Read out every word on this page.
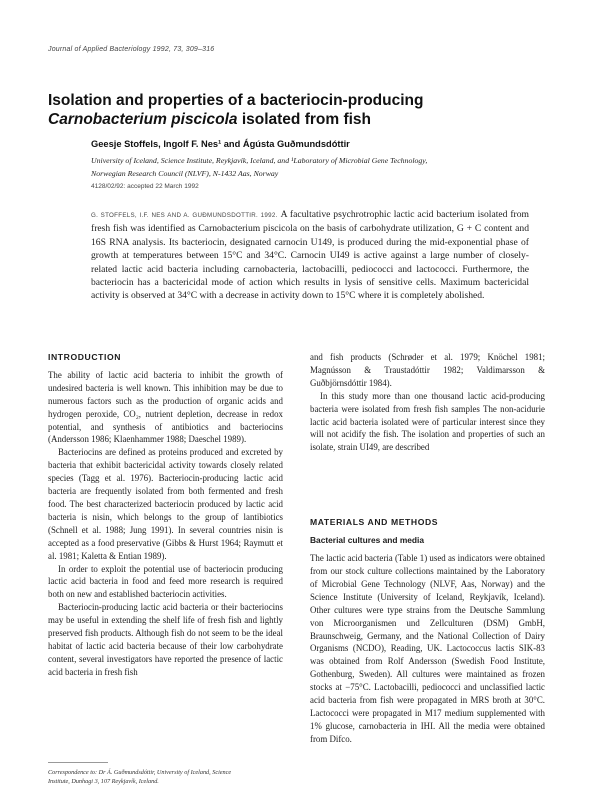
Journal of Applied Bacteriology 1992, 73, 309–316
Isolation and properties of a bacteriocin-producing
Carnobacterium piscicola isolated from fish
Geesje Stoffels, Ingolf F. Nes¹ and Ágústa Guðmundsdóttir
University of Iceland, Science Institute, Reykjavík, Iceland, and ¹Laboratory of Microbial Gene Technology,
Norwegian Research Council (NLVF), N-1432 Aas, Norway
4128/02/92: accepted 22 March 1992
G. STOFFELS, I.F. NES AND A. GUÐMUNDSDOTTIR. 1992. A facultative psychrotrophic lactic acid bacterium isolated from fresh fish was identified as Carnobacterium piscicola on the basis of carbohydrate utilization, G + C content and 16S RNA analysis. Its bacteriocin, designated carnocin U149, is produced during the mid-exponential phase of growth at temperatures between 15°C and 34°C. Carnocin UI49 is active against a large number of closely-related lactic acid bacteria including carnobacteria, lactobacilli, pediococci and lactococci. Furthermore, the bacteriocin has a bactericidal mode of action which results in lysis of sensitive cells. Maximum bactericidal activity is observed at 34°C with a decrease in activity down to 15°C where it is completely abolished.
INTRODUCTION

The ability of lactic acid bacteria to inhibit the growth of undesired bacteria is well known. This inhibition may be due to numerous factors such as the production of organic acids and hydrogen peroxide, CO₂, nutrient depletion, decrease in redox potential, and synthesis of antibiotics and bacteriocins (Andersson 1986; Klaenhammer 1988; Daeschel 1989).

Bacteriocins are defined as proteins produced and excreted by bacteria that exhibit bactericidal activity towards closely related species (Tagg et al. 1976). Bacteriocin-producing lactic acid bacteria are frequently isolated from both fermented and fresh food. The best characterized bacteriocin produced by lactic acid bacteria is nisin, which belongs to the group of lantibiotics (Schnell et al. 1988; Jung 1991). In several countries nisin is accepted as a food preservative (Gibbs & Hurst 1964; Raymutt et al. 1981; Kaletta & Entian 1989).

In order to exploit the potential use of bacteriocin producing lactic acid bacteria in food and feed more research is required both on new and established bacteriocin activities.

Bacteriocin-producing lactic acid bacteria or their bacteriocins may be useful in extending the shelf life of fresh fish and lightly preserved fish products. Although fish do not seem to be the ideal habitat of lactic acid bacteria because of their low carbohydrate content, several investigators have reported the presence of lactic acid bacteria in fresh fish

and fish products (Schrøder et al. 1979; Knöchel 1981; Magnússon & Traustadóttir 1982; Valdimarsson & Guðbjörnsdóttir 1984).

In this study more than one thousand lactic acid-producing bacteria were isolated from fresh fish samples The non-acidurie lactic acid bacteria isolated were of particular interest since they will not acidify the fish. The isolation and properties of such an isolate, strain UI49, are described

MATERIALS AND METHODS
Bacterial cultures and media

The lactic acid bacteria (Table 1) used as indicators were obtained from our stock culture collections maintained by the Laboratory of Microbial Gene Technology (NLVF, Aas, Norway) and the Science Institute (University of Iceland, Reykjavík, Iceland). Other cultures were type strains from the Deutsche Sammlung von Microorganismen und Zellculturen (DSM) GmbH, Braunschweig, Germany, and the National Collection of Dairy Organisms (NCDO), Reading, UK. Lactococcus lactis SIK-83 was obtained from Rolf Andersson (Swedish Food Institute, Gothenburg, Sweden). All cultures were maintained as frozen stocks at −75°C. Lactobacilli, pediococci and unclassified lactic acid bacteria from fish were propagated in MRS broth at 30°C. Lactococci were propagated in M17 medium supplemented with 1% glucose, carnobacteria in IHI. All the media were obtained from Difco.

Correspondence to: Dr Á. Guðmundsdóttir, University of Iceland, Science
Institute, Dunhagi 3, 107 Reykjavík, Iceland.
